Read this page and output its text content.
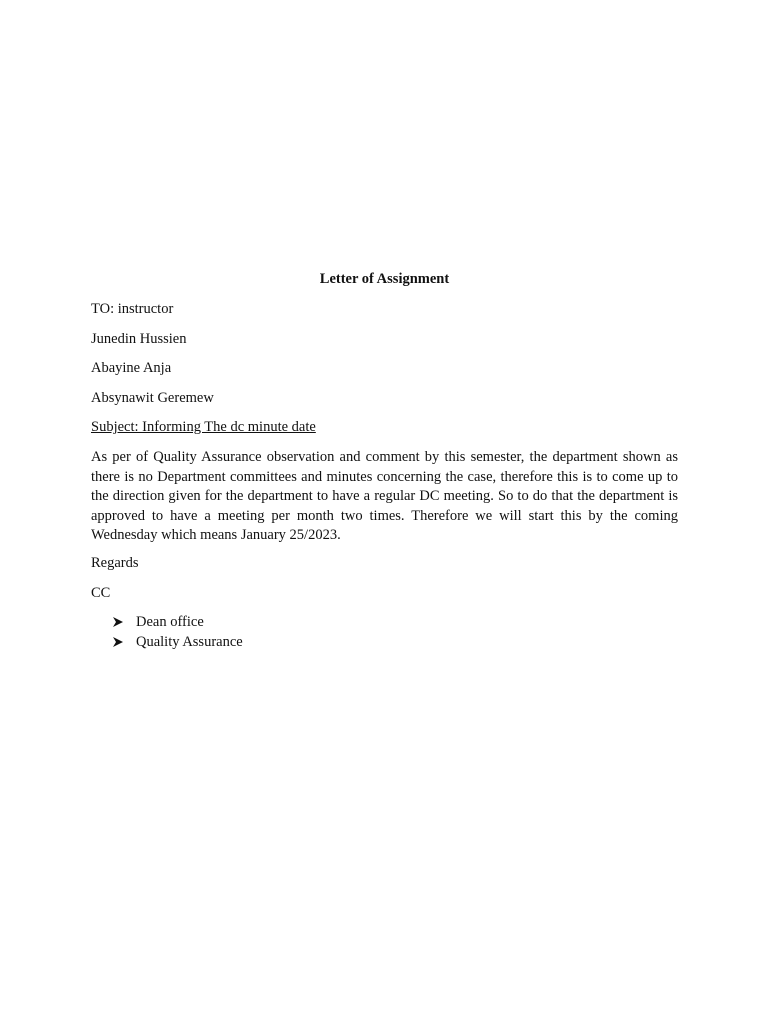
Letter of Assignment
TO: instructor
Junedin Hussien
Abayine Anja
Absynawit Geremew
Subject: Informing The dc minute date
As per of Quality Assurance observation and comment by this semester, the department shown as there is no Department committees and minutes concerning the case, therefore this is to come up to the direction given for the department to have a regular DC meeting. So to do that the department is approved to have a meeting per month two times. Therefore we will start this by the coming Wednesday which means January 25/2023.
Regards
CC
Dean office
Quality Assurance
